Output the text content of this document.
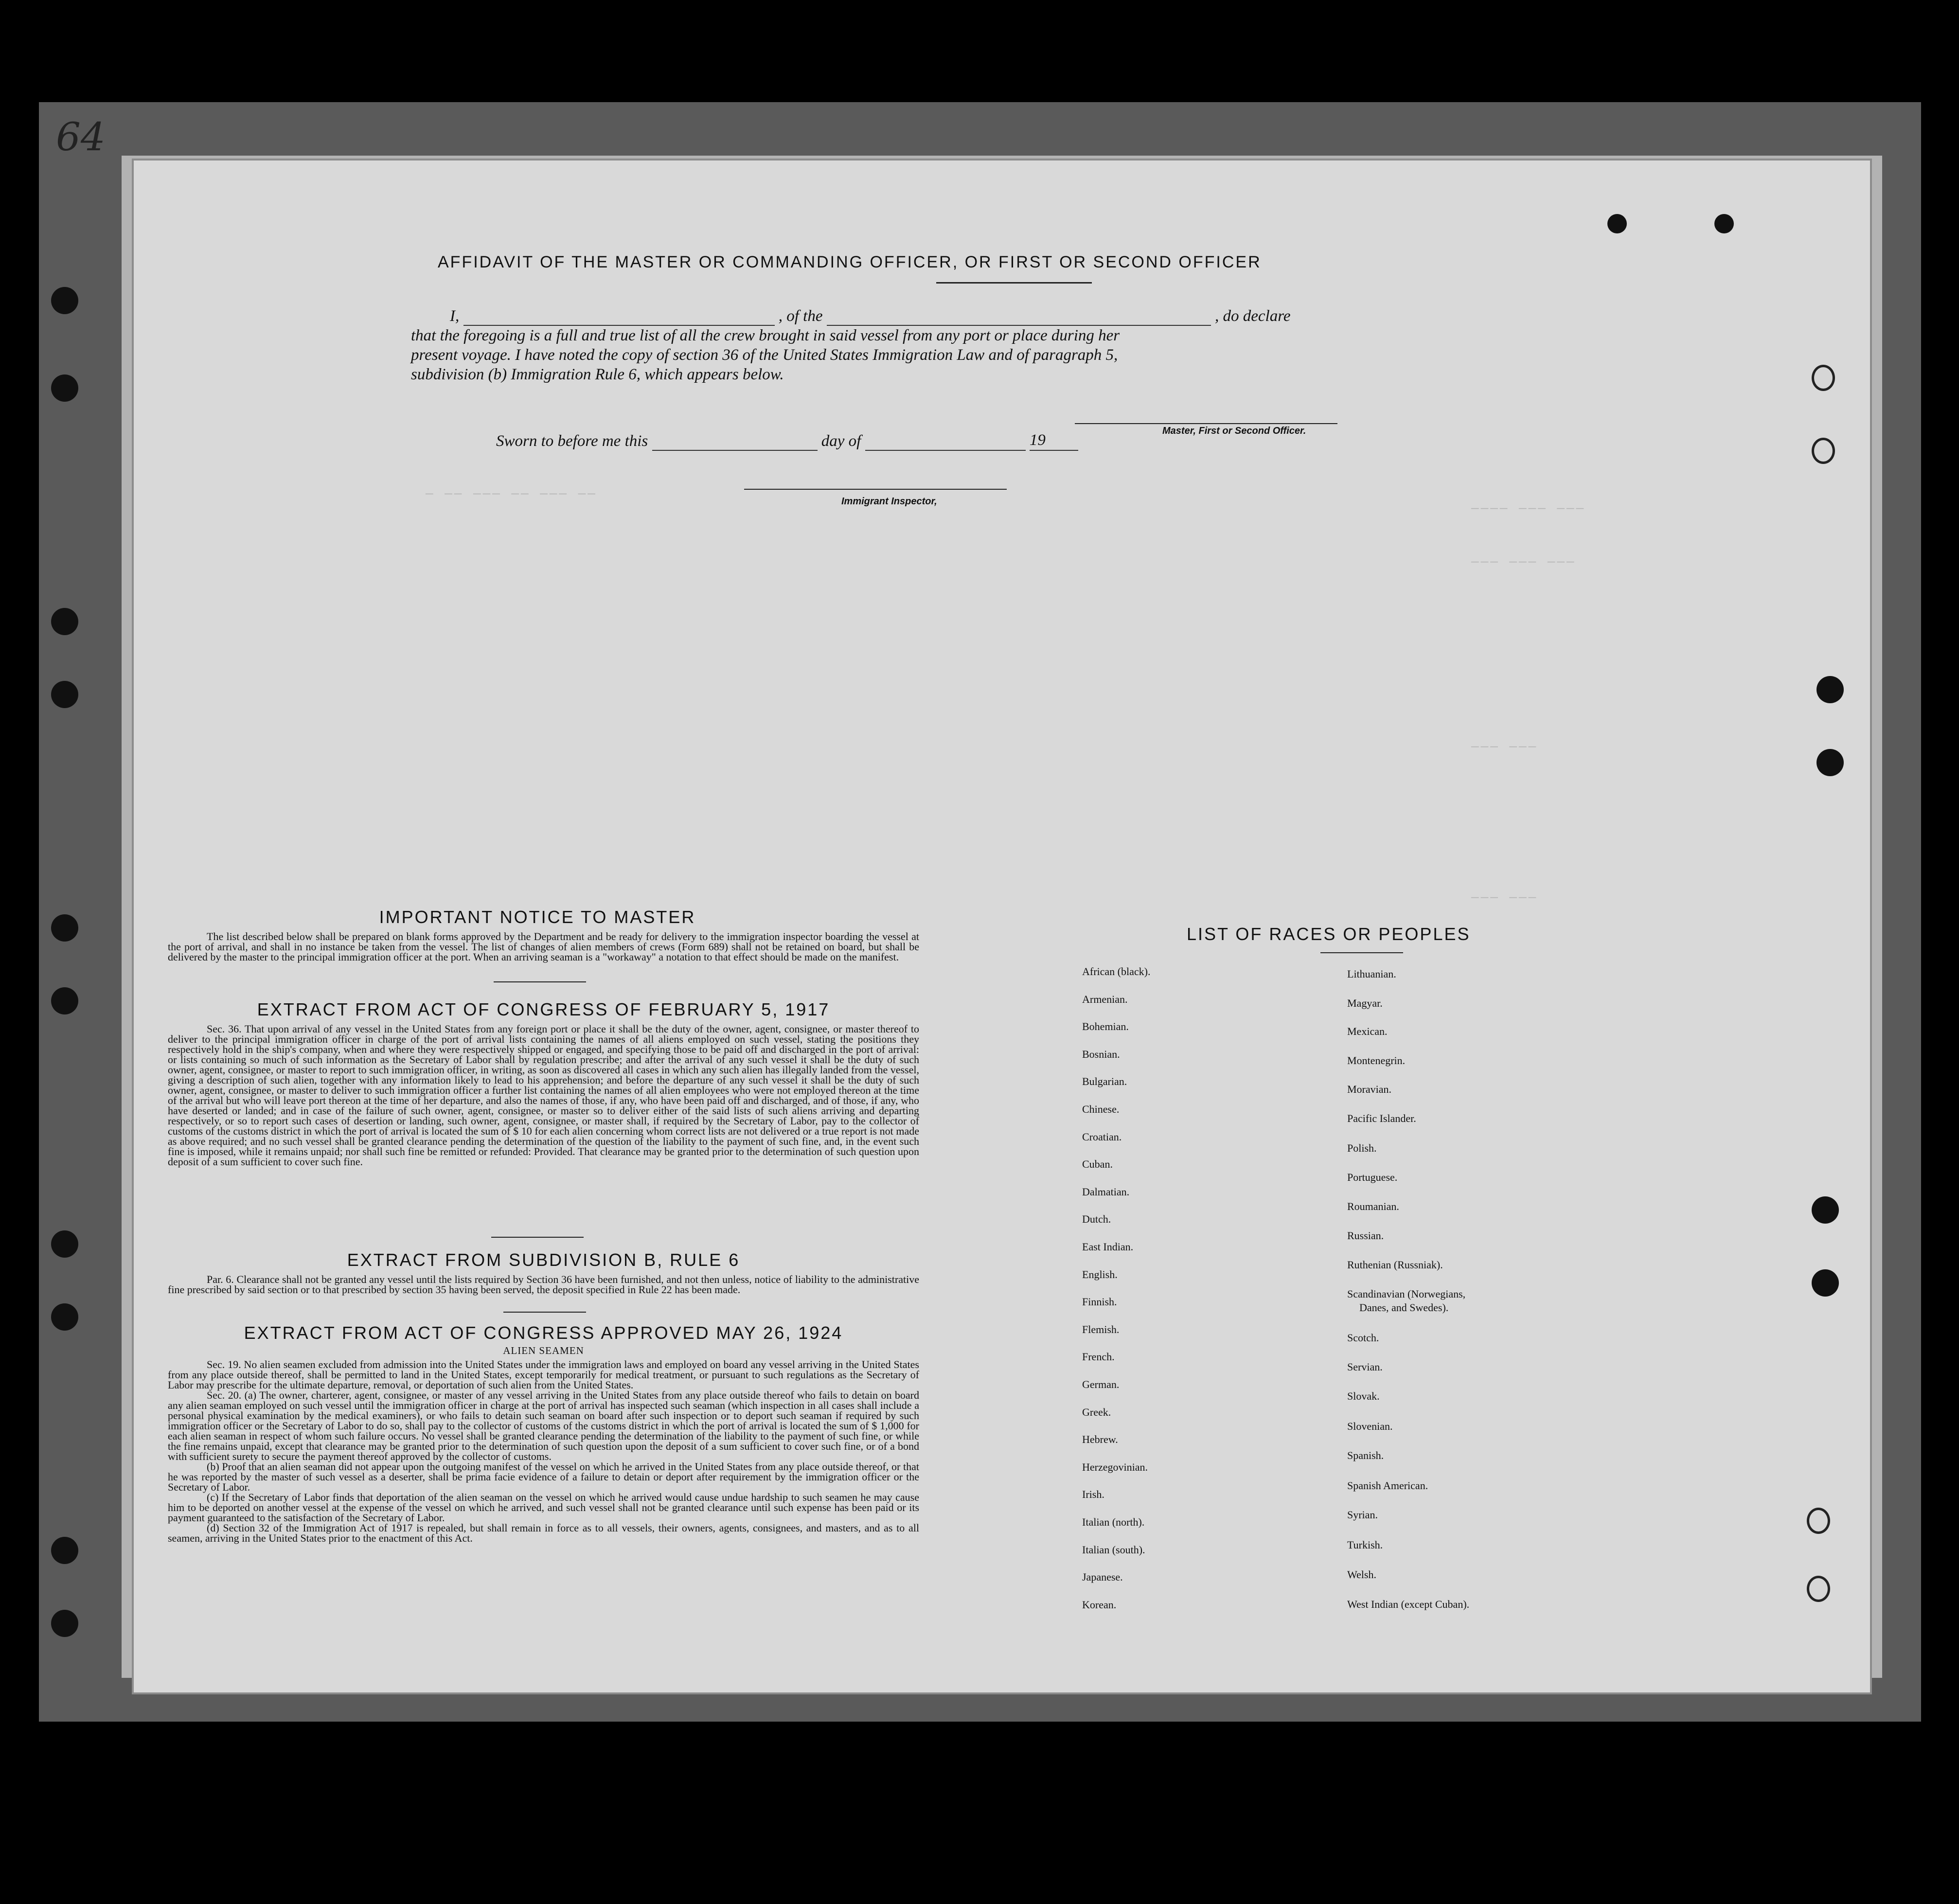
64
— —— ——— —— ——— ——
———— ——— ———
——— ——— ———
——— ———
——— ———
AFFIDAVIT OF THE MASTER OR COMMANDING OFFICER, OR FIRST OR SECOND OFFICER
I,	, of the	, do declare
that the foregoing is a full and true list of all the crew brought in said vessel from any port or place during her
present voyage. I have noted the copy of section 36 of the United States Immigration Law and of paragraph 5,
subdivision (b) Immigration Rule 6, which appears below.
Master, First or Second Officer.
Sworn to before me this	day of	19
Immigrant Inspector,
IMPORTANT NOTICE TO MASTER
The list described below shall be prepared on blank forms approved by the Department and be ready for delivery to the immigration inspector boarding the vessel at the port of arrival, and shall in no instance be taken from the vessel. The list of changes of alien members of crews (Form 689) shall not be retained on board, but shall be delivered by the master to the principal immigration officer at the port. When an arriving seaman is a "workaway" a notation to that effect should be made on the manifest.
EXTRACT FROM ACT OF CONGRESS OF FEBRUARY 5, 1917
Sec. 36. That upon arrival of any vessel in the United States from any foreign port or place it shall be the duty of the owner, agent, consignee, or master thereof to deliver to the principal immigration officer in charge of the port of arrival lists containing the names of all aliens employed on such vessel, stating the positions they respectively hold in the ship's company, when and where they were respectively shipped or engaged, and specifying those to be paid off and discharged in the port of arrival: or lists containing so much of such information as the Secretary of Labor shall by regulation prescribe; and after the arrival of any such vessel it shall be the duty of such owner, agent, consignee, or master to report to such immigration officer, in writing, as soon as discovered all cases in which any such alien has illegally landed from the vessel, giving a description of such alien, together with any information likely to lead to his apprehension; and before the departure of any such vessel it shall be the duty of such owner, agent, consignee, or master to deliver to such immigration officer a further list containing the names of all alien employees who were not employed thereon at the time of the arrival but who will leave port thereon at the time of her departure, and also the names of those, if any, who have been paid off and discharged, and of those, if any, who have deserted or landed; and in case of the failure of such owner, agent, consignee, or master so to deliver either of the said lists of such aliens arriving and departing respectively, or so to report such cases of desertion or landing, such owner, agent, consignee, or master shall, if required by the Secretary of Labor, pay to the collector of customs of the customs district in which the port of arrival is located the sum of $ 10 for each alien concerning whom correct lists are not delivered or a true report is not made as above required; and no such vessel shall be granted clearance pending the determination of the question of the liability to the payment of such fine, and, in the event such fine is imposed, while it remains unpaid; nor shall such fine be remitted or refunded: Provided. That clearance may be granted prior to the determination of such question upon deposit of a sum sufficient to cover such fine.
EXTRACT FROM SUBDIVISION B, RULE 6
Par. 6. Clearance shall not be granted any vessel until the lists required by Section 36 have been furnished, and not then unless, notice of liability to the administrative fine prescribed by said section or to that prescribed by section 35 having been served, the deposit specified in Rule 22 has been made.
EXTRACT FROM ACT OF CONGRESS APPROVED MAY 26, 1924
ALIEN SEAMEN
Sec. 19. No alien seamen excluded from admission into the United States under the immigration laws and employed on board any vessel arriving in the United States from any place outside thereof, shall be permitted to land in the United States, except temporarily for medical treatment, or pursuant to such regulations as the Secretary of Labor may prescribe for the ultimate departure, removal, or deportation of such alien from the United States.
Sec. 20. (a) The owner, charterer, agent, consignee, or master of any vessel arriving in the United States from any place outside thereof who fails to detain on board any alien seaman employed on such vessel until the immigration officer in charge at the port of arrival has inspected such seaman (which inspection in all cases shall include a personal physical examination by the medical examiners), or who fails to detain such seaman on board after such inspection or to deport such seaman if required by such immigration officer or the Secretary of Labor to do so, shall pay to the collector of customs of the customs district in which the port of arrival is located the sum of $ 1,000 for each alien seaman in respect of whom such failure occurs. No vessel shall be granted clearance pending the determination of the liability to the payment of such fine, or while the fine remains unpaid, except that clearance may be granted prior to the determination of such question upon the deposit of a sum sufficient to cover such fine, or of a bond with sufficient surety to secure the payment thereof approved by the collector of customs.
(b) Proof that an alien seaman did not appear upon the outgoing manifest of the vessel on which he arrived in the United States from any place outside thereof, or that he was reported by the master of such vessel as a deserter, shall be prima facie evidence of a failure to detain or deport after requirement by the immigration officer or the Secretary of Labor.
(c) If the Secretary of Labor finds that deportation of the alien seaman on the vessel on which he arrived would cause undue hardship to such seamen he may cause him to be deported on another vessel at the expense of the vessel on which he arrived, and such vessel shall not be granted clearance until such expense has been paid or its payment guaranteed to the satisfaction of the Secretary of Labor.
(d) Section 32 of the Immigration Act of 1917 is repealed, but shall remain in force as to all vessels, their owners, agents, consignees, and masters, and as to all seamen, arriving in the United States prior to the enactment of this Act.
LIST OF RACES OR PEOPLES
African (black).
Armenian.
Bohemian.
Bosnian.
Bulgarian.
Chinese.
Croatian.
Cuban.
Dalmatian.
Dutch.
East Indian.
English.
Finnish.
Flemish.
French.
German.
Greek.
Hebrew.
Herzegovinian.
Irish.
Italian (north).
Italian (south).
Japanese.
Korean.
Lithuanian.
Magyar.
Mexican.
Montenegrin.
Moravian.
Pacific Islander.
Polish.
Portuguese.
Roumanian.
Russian.
Ruthenian (Russniak).
Scandinavian (Norwegians,
Danes, and Swedes).
Scotch.
Servian.
Slovak.
Slovenian.
Spanish.
Spanish American.
Syrian.
Turkish.
Welsh.
West Indian (except Cuban).
